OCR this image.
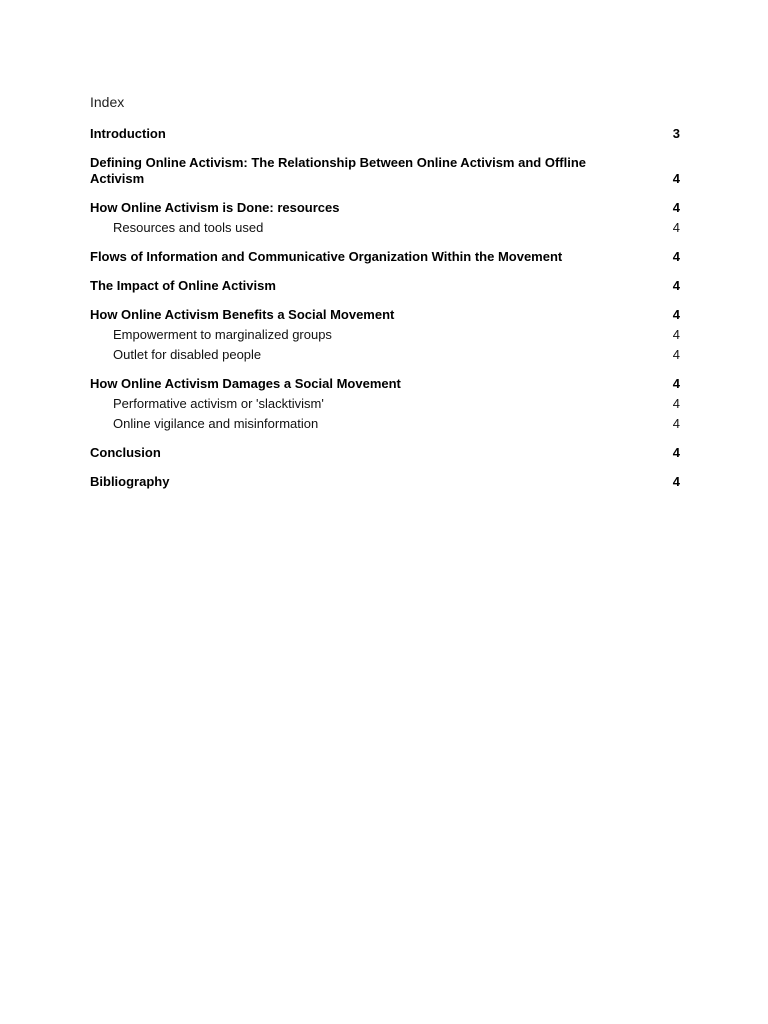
Index
Introduction	3
Defining Online Activism: The Relationship Between Online Activism and Offline Activism	4
How Online Activism is Done: resources	4
Resources and tools used	4
Flows of Information and Communicative Organization Within the Movement	4
The Impact of Online Activism	4
How Online Activism Benefits a Social Movement	4
Empowerment to marginalized groups	4
Outlet for disabled people	4
How Online Activism Damages a Social Movement	4
Performative activism or 'slacktivism'	4
Online vigilance and misinformation	4
Conclusion	4
Bibliography	4
